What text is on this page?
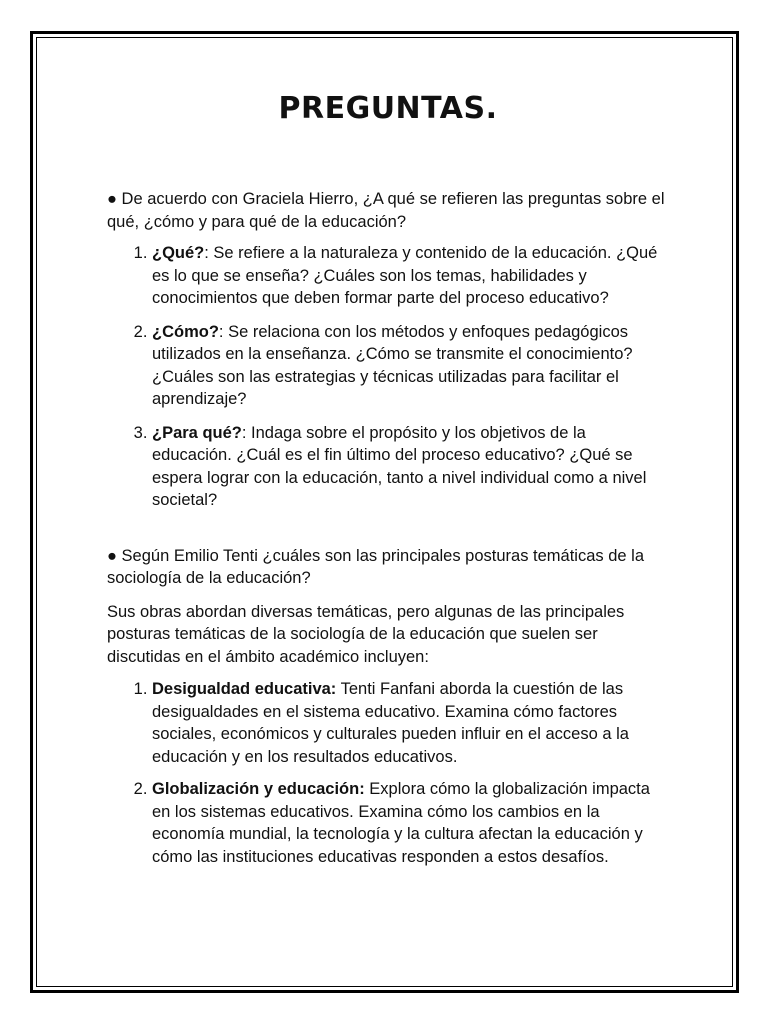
PREGUNTAS.

● De acuerdo con Graciela Hierro, ¿A qué se refieren las preguntas sobre el qué, ¿cómo y para qué de la educación?

1. ¿Qué?: Se refiere a la naturaleza y contenido de la educación. ¿Qué es lo que se enseña? ¿Cuáles son los temas, habilidades y conocimientos que deben formar parte del proceso educativo?
2. ¿Cómo?: Se relaciona con los métodos y enfoques pedagógicos utilizados en la enseñanza. ¿Cómo se transmite el conocimiento? ¿Cuáles son las estrategias y técnicas utilizadas para facilitar el aprendizaje?
3. ¿Para qué?: Indaga sobre el propósito y los objetivos de la educación. ¿Cuál es el fin último del proceso educativo? ¿Qué se espera lograr con la educación, tanto a nivel individual como a nivel societal?

● Según Emilio Tenti ¿cuáles son las principales posturas temáticas de la sociología de la educación?

Sus obras abordan diversas temáticas, pero algunas de las principales posturas temáticas de la sociología de la educación que suelen ser discutidas en el ámbito académico incluyen:

1. Desigualdad educativa: Tenti Fanfani aborda la cuestión de las desigualdades en el sistema educativo. Examina cómo factores sociales, económicos y culturales pueden influir en el acceso a la educación y en los resultados educativos.
2. Globalización y educación: Explora cómo la globalización impacta en los sistemas educativos. Examina cómo los cambios en la economía mundial, la tecnología y la cultura afectan la educación y cómo las instituciones educativas responden a estos desafíos.
